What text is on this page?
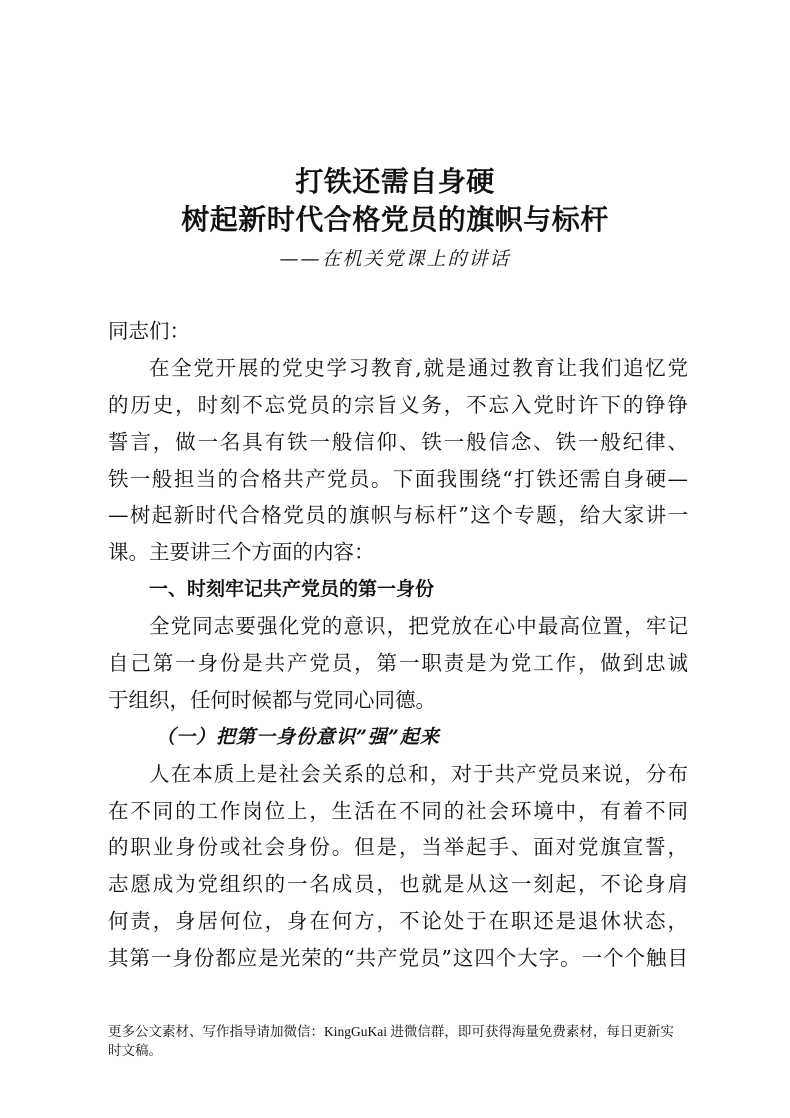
打铁还需自身硬
树起新时代合格党员的旗帜与标杆
——在机关党课上的讲话
同志们：
在全党开展的党史学习教育,就是通过教育让我们追忆党
的历史，时刻不忘党员的宗旨义务，不忘入党时许下的铮铮
誓言，做一名具有铁一般信仰、铁一般信念、铁一般纪律、
铁一般担当的合格共产党员。下面我围绕“打铁还需自身硬—
—树起新时代合格党员的旗帜与标杆”这个专题，给大家讲一
课。主要讲三个方面的内容：
一、时刻牢记共产党员的第一身份
全党同志要强化党的意识，把党放在心中最高位置，牢记
自己第一身份是共产党员，第一职责是为党工作，做到忠诚
于组织，任何时候都与党同心同德。
（一）把第一身份意识”强”起来
人在本质上是社会关系的总和，对于共产党员来说，分布
在不同的工作岗位上，生活在不同的社会环境中，有着不同
的职业身份或社会身份。但是，当举起手、面对党旗宣誓，
志愿成为党组织的一名成员，也就是从这一刻起，不论身肩
何责，身居何位，身在何方，不论处于在职还是退休状态，
其第一身份都应是光荣的“共产党员”这四个大字。一个个触目
更多公文素材、写作指导请加微信：KingGuKai 进微信群，即可获得海量免费素材，每日更新实
时文稿。
